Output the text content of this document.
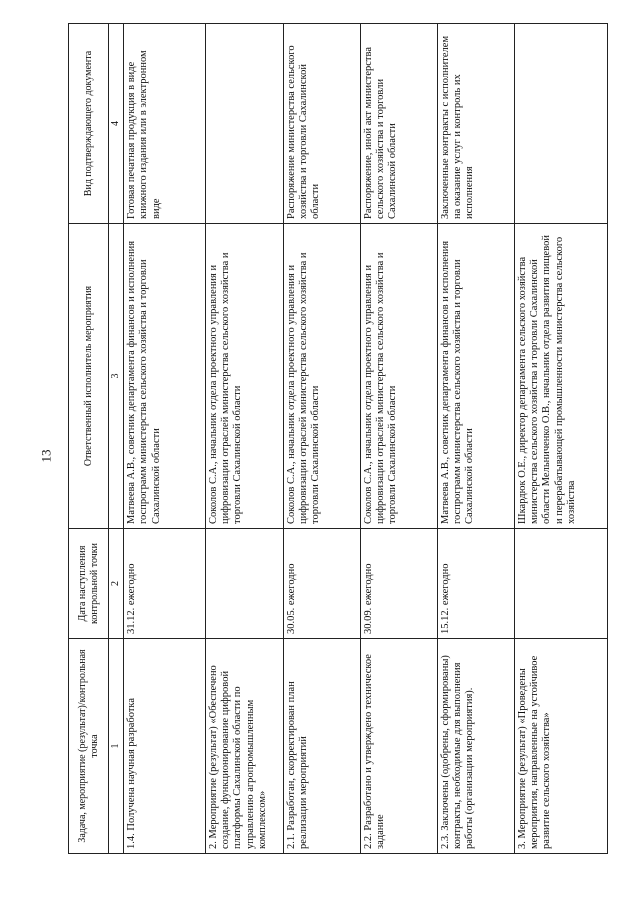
13
Задача, мероприятие (результат)/контрольная точка	Дата наступления контрольной точки	Ответственный исполнитель мероприятия	Вид подтверждающего документа
1	2	3	4
1.4. Получена научная разработка	31.12. ежегодно	Матвеева А.В., советник департамента финансов и исполнения госпрограмм министерства сельского хозяйства и торговли Сахалинской области	Готовая печатная продукция в виде книжного издания или в электронном виде
2. Мероприятие (результат) «Обеспечено создание, функционирование цифровой платформы Сахалинской области по управлению агропромышленным комплексом»		Соколов С.А., начальник отдела проектного управления и цифровизации отраслей министерства сельского хозяйства и торговли Сахалинской области	
2.1. Разработан, скорректирован план реализации мероприятий	30.05. ежегодно	Соколов С.А., начальник отдела проектного управления и цифровизации отраслей министерства сельского хозяйства и торговли Сахалинской области	Распоряжение министерства сельского хозяйства и торговли Сахалинской области
2.2. Разработано и утверждено техническое задание	30.09. ежегодно	Соколов С.А., начальник отдела проектного управления и цифровизации отраслей министерства сельского хозяйства и торговли Сахалинской области	Распоряжение, иной акт министерства сельского хозяйства и торговли Сахалинской области
2.3. Заключены (одобрены, сформированы) контракты, необходимые для выполнения работы (организации мероприятия).	15.12. ежегодно	Матвеева А.В., советник департамента финансов и исполнения госпрограмм министерства сельского хозяйства и торговли Сахалинской области	Заключенные контракты с исполнителем на оказание услуг и контроль их исполнения
3. Мероприятие (результат) «Проведены мероприятия, направленные на устойчивое развитие сельского хозяйства»		Шкардюк О.Е., директор департамента сельского хозяйства министерства сельского хозяйства и торговли Сахалинской области Мельниченко О.В., начальник отдела развития пищевой и перерабатывающей промышленности министерства сельского хозяйства	
